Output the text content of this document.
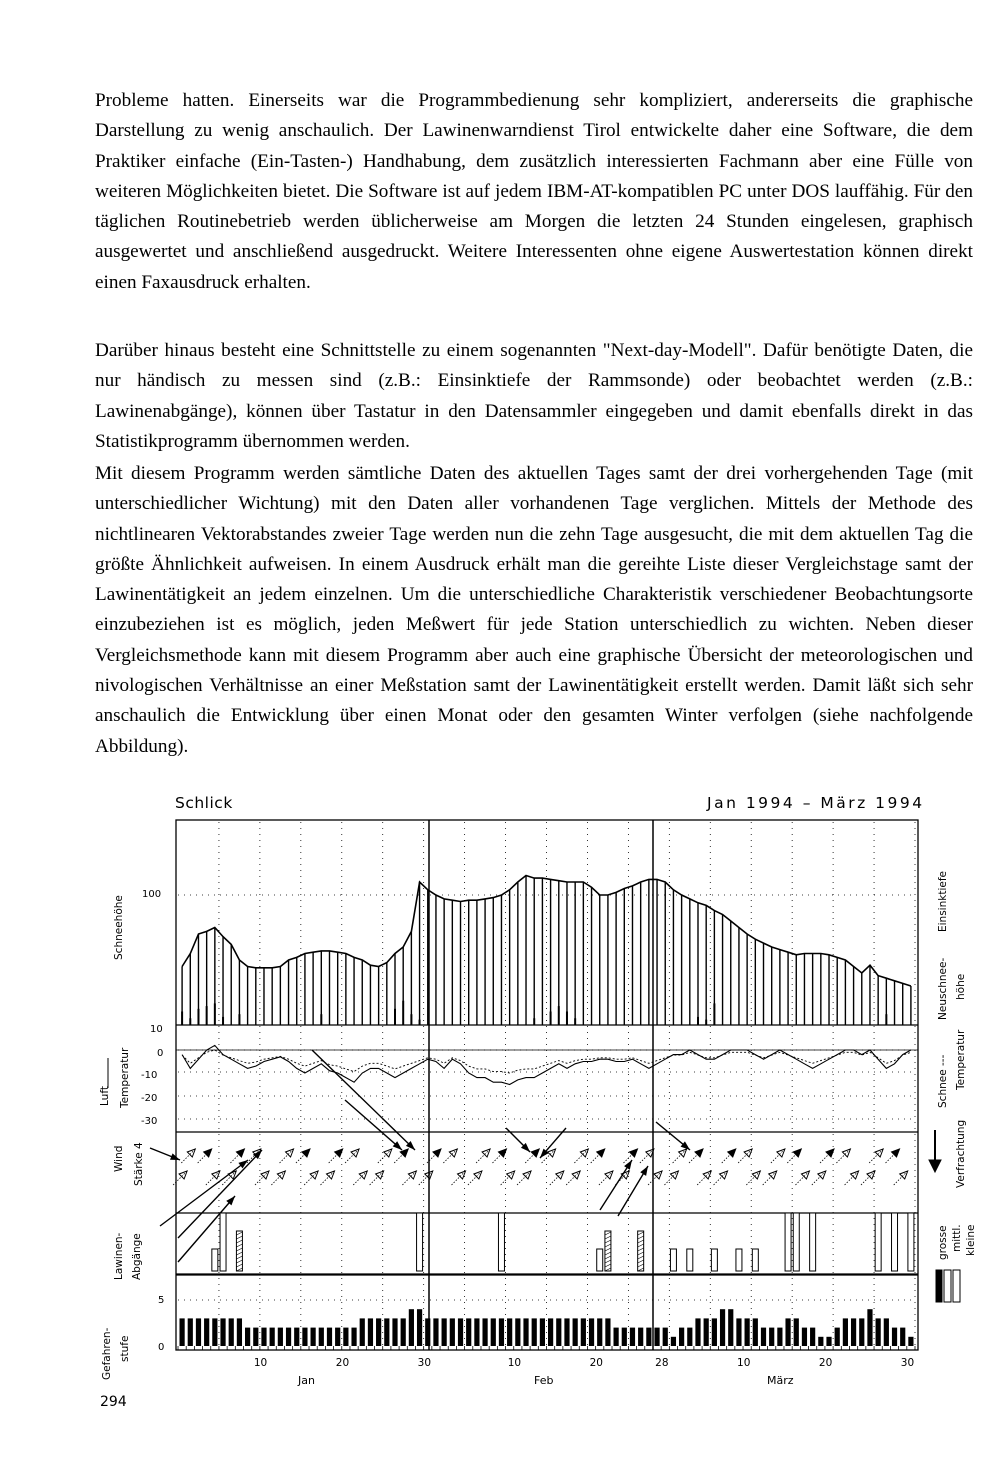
Probleme hatten. Einerseits war die Programmbedienung sehr kompliziert, andererseits die graphische Darstellung zu wenig anschaulich. Der Lawinenwarndienst Tirol entwickelte daher eine Software, die dem Praktiker einfache (Ein-Tasten-) Handhabung, dem zusätzlich interessierten Fachmann aber eine Fülle von weiteren Möglichkeiten bietet. Die Software ist auf jedem IBM-AT-kompatiblen PC unter DOS lauffähig. Für den täglichen Routinebetrieb werden üblicherweise am Morgen die letzten 24 Stunden eingelesen, graphisch ausgewertet und anschließend ausgedruckt. Weitere Interessenten ohne eigene Auswertestation können direkt einen Faxausdruck erhalten.
Darüber hinaus besteht eine Schnittstelle zu einem sogenannten "Next-day-Modell". Dafür benötigte Daten, die nur händisch zu messen sind (z.B.: Einsinktiefe der Rammsonde) oder beobachtet werden (z.B.: Lawinenabgänge), können über Tastatur in den Datensammler eingegeben und damit ebenfalls direkt in das Statistikprogramm übernommen werden.
Mit diesem Programm werden sämtliche Daten des aktuellen Tages samt der drei vorhergehenden Tage (mit unterschiedlicher Wichtung) mit den Daten aller vorhandenen Tage verglichen. Mittels der Methode des nichtlinearen Vektorabstandes zweier Tage werden nun die zehn Tage ausgesucht, die mit dem aktuellen Tag die größte Ähnlichkeit aufweisen. In einem Ausdruck erhält man die gereihte Liste dieser Vergleichstage samt der Lawinentätigkeit an jedem einzelnen. Um die unterschiedliche Charakteristik verschiedener Beobachtungsorte einzubeziehen ist es möglich, jeden Meßwert für jede Station unterschiedlich zu wichten. Neben dieser Vergleichsmethode kann mit diesem Programm aber auch eine graphische Übersicht der meteorologischen und nivologischen Verhältnisse an einer Meßstation samt der Lawinentätigkeit erstellt werden. Damit läßt sich sehr anschaulich die Entwicklung über einen Monat oder den gesamten Winter verfolgen (siehe nachfolgende Abbildung).
Schlick	Jan 1994 – März 1994
10	20	30	10	20	28	10	20	30
Jan	Feb	März
100
10
0
-10
-20
-30
5
0
Schneehöhe
Luft Temperatur
Wind Stärke 4
Lawinen- Abgänge
Gefahren- stufe
Einsinktiefe
Neuschnee- höhe
Schnee --- Temperatur
Verfrachtung
grosse mittl. kleine
294
